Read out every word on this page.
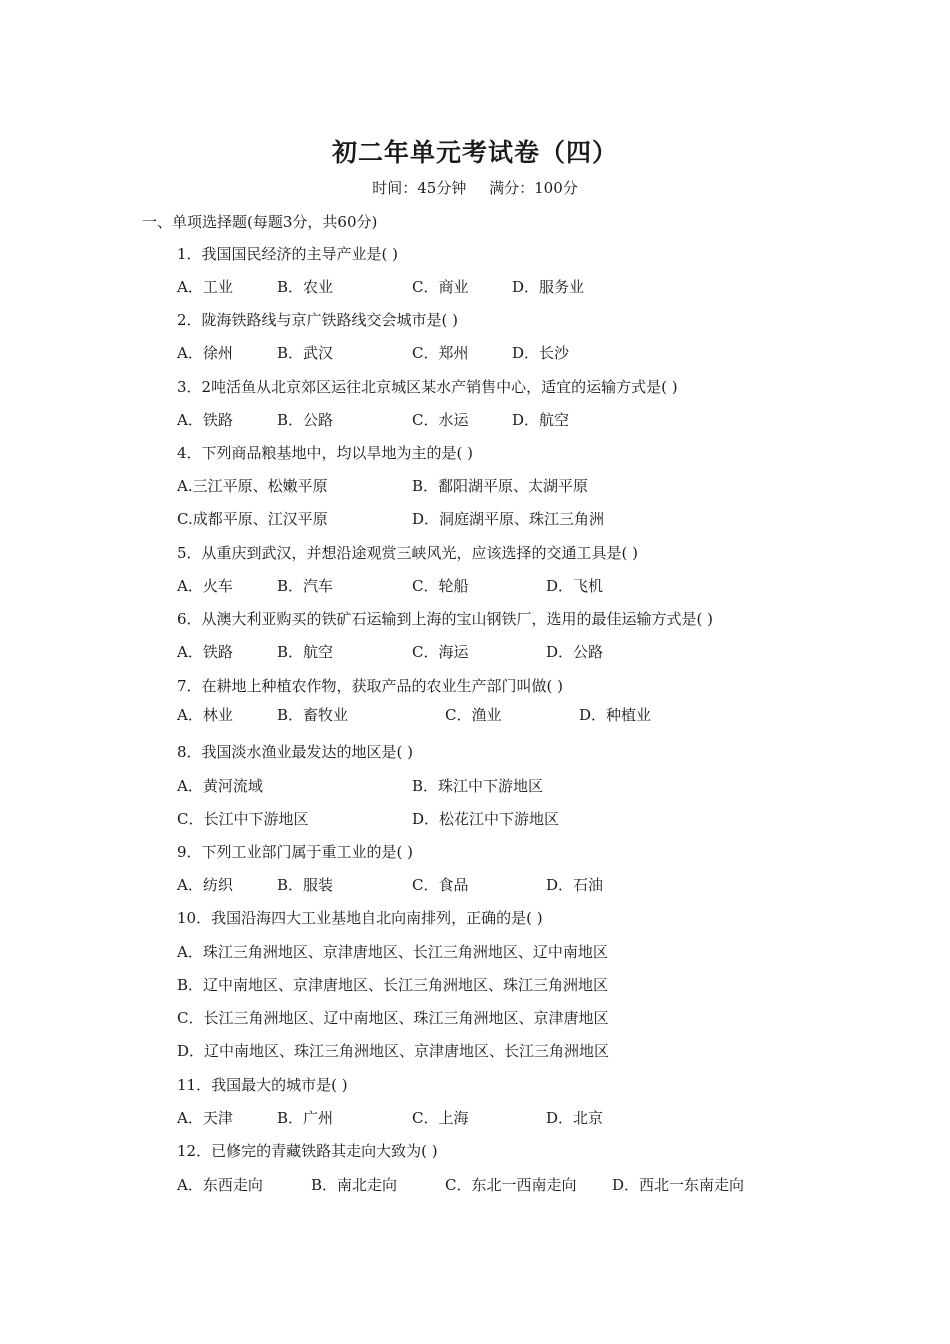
初二年单元考试卷（四）
时间：45分钟 满分：100分
一、单项选择题(每题3分，共60分)
1．我国国民经济的主导产业是( )
A．工业	B．农业	C．商业	D．服务业
2．陇海铁路线与京广铁路线交会城市是( )
A．徐州	B．武汉	C．郑州	D．长沙
3．2吨活鱼从北京郊区运往北京城区某水产销售中心，适宜的运输方式是( )
A．铁路	B．公路	C．水运	D．航空
4．下列商品粮基地中，均以旱地为主的是( )
A.三江平原、松嫩平原	B．鄱阳湖平原、太湖平原
C.成都平原、江汉平原	D．洞庭湖平原、珠江三角洲
5．从重庆到武汉，并想沿途观赏三峡风光，应该选择的交通工具是( )
A．火车	B．汽车	C．轮船	D．飞机
6．从澳大利亚购买的铁矿石运输到上海的宝山钢铁厂，选用的最佳运输方式是( )
A．铁路	B．航空	C．海运	D．公路
7．在耕地上种植农作物，获取产品的农业生产部门叫做( )
A．林业	B．畜牧业	C．渔业	D．种植业
8．我国淡水渔业最发达的地区是( )
A．黄河流域	B．珠江中下游地区
C．长江中下游地区	D．松花江中下游地区
9．下列工业部门属于重工业的是( )
A．纺织	B．服装	C．食品	D．石油
10．我国沿海四大工业基地自北向南排列，正确的是( )
A．珠江三角洲地区、京津唐地区、长江三角洲地区、辽中南地区
B．辽中南地区、京津唐地区、长江三角洲地区、珠江三角洲地区
C．长江三角洲地区、辽中南地区、珠江三角洲地区、京津唐地区
D．辽中南地区、珠江三角洲地区、京津唐地区、长江三角洲地区
11．我国最大的城市是( )
A．天津	B．广州	C．上海	D．北京
12．已修完的青藏铁路其走向大致为( )
A．东西走向	B．南北走向	C．东北一西南走向 D．西北一东南走向
